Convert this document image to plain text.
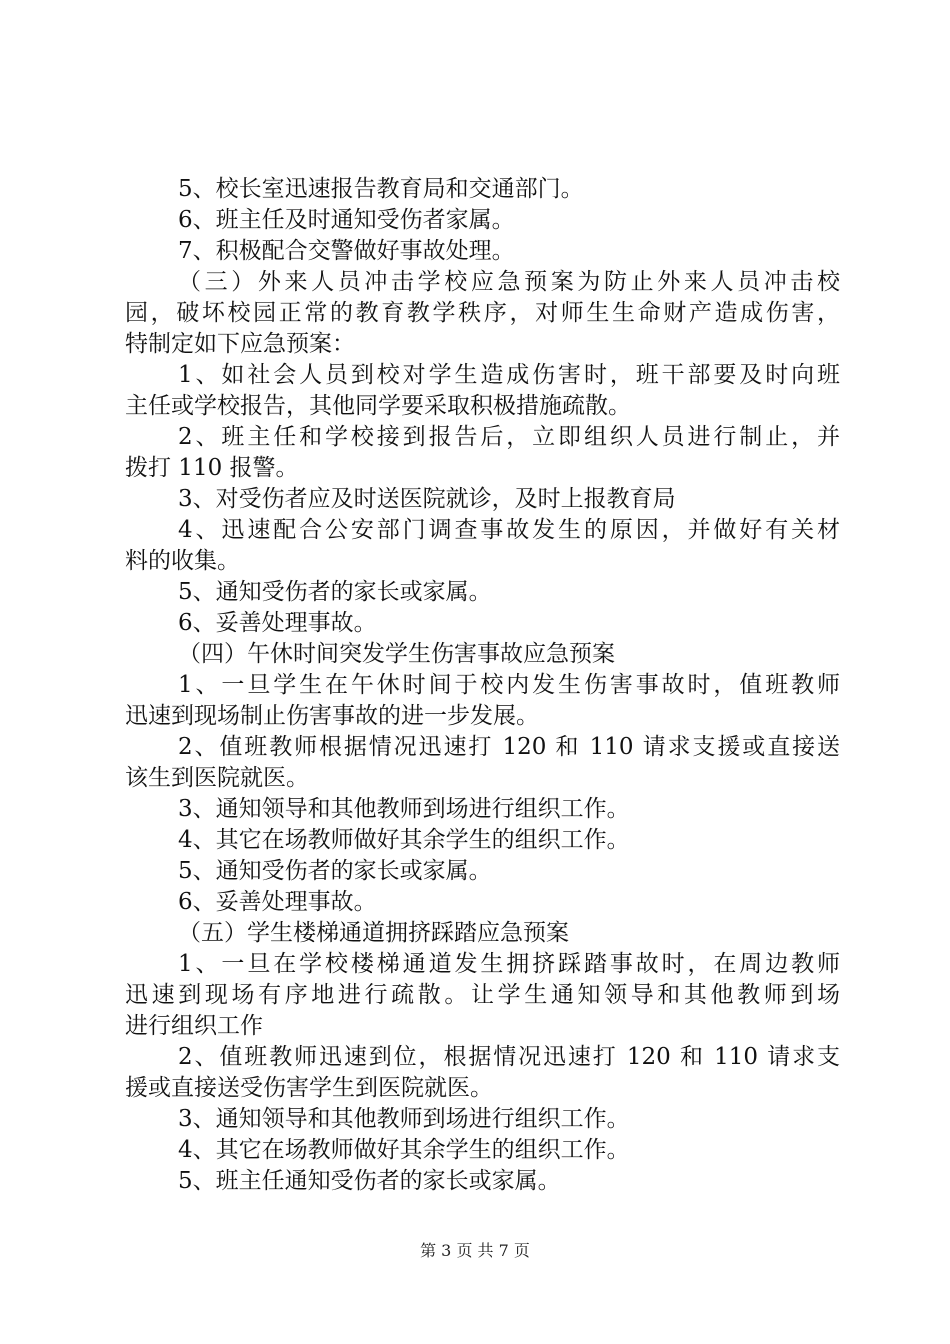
5、校长室迅速报告教育局和交通部门。
6、班主任及时通知受伤者家属。
7、积极配合交警做好事故处理。
（三）外来人员冲击学校应急预案为防止外来人员冲击校
园，破坏校园正常的教育教学秩序，对师生生命财产造成伤害，
特制定如下应急预案：
1、如社会人员到校对学生造成伤害时，班干部要及时向班
主任或学校报告，其他同学要采取积极措施疏散。
2、班主任和学校接到报告后，立即组织人员进行制止，并
拨打 110 报警。
3、对受伤者应及时送医院就诊，及时上报教育局
4、迅速配合公安部门调查事故发生的原因，并做好有关材
料的收集。
5、通知受伤者的家长或家属。
6、妥善处理事故。
（四）午休时间突发学生伤害事故应急预案
1、一旦学生在午休时间于校内发生伤害事故时，值班教师
迅速到现场制止伤害事故的进一步发展。
2、值班教师根据情况迅速打 120 和 110 请求支援或直接送
该生到医院就医。
3、通知领导和其他教师到场进行组织工作。
4、其它在场教师做好其余学生的组织工作。
5、通知受伤者的家长或家属。
6、妥善处理事故。
（五）学生楼梯通道拥挤踩踏应急预案
1、一旦在学校楼梯通道发生拥挤踩踏事故时，在周边教师
迅速到现场有序地进行疏散。让学生通知领导和其他教师到场
进行组织工作
2、值班教师迅速到位，根据情况迅速打 120 和 110 请求支
援或直接送受伤害学生到医院就医。
3、通知领导和其他教师到场进行组织工作。
4、其它在场教师做好其余学生的组织工作。
5、班主任通知受伤者的家长或家属。
第 3 页 共 7 页
